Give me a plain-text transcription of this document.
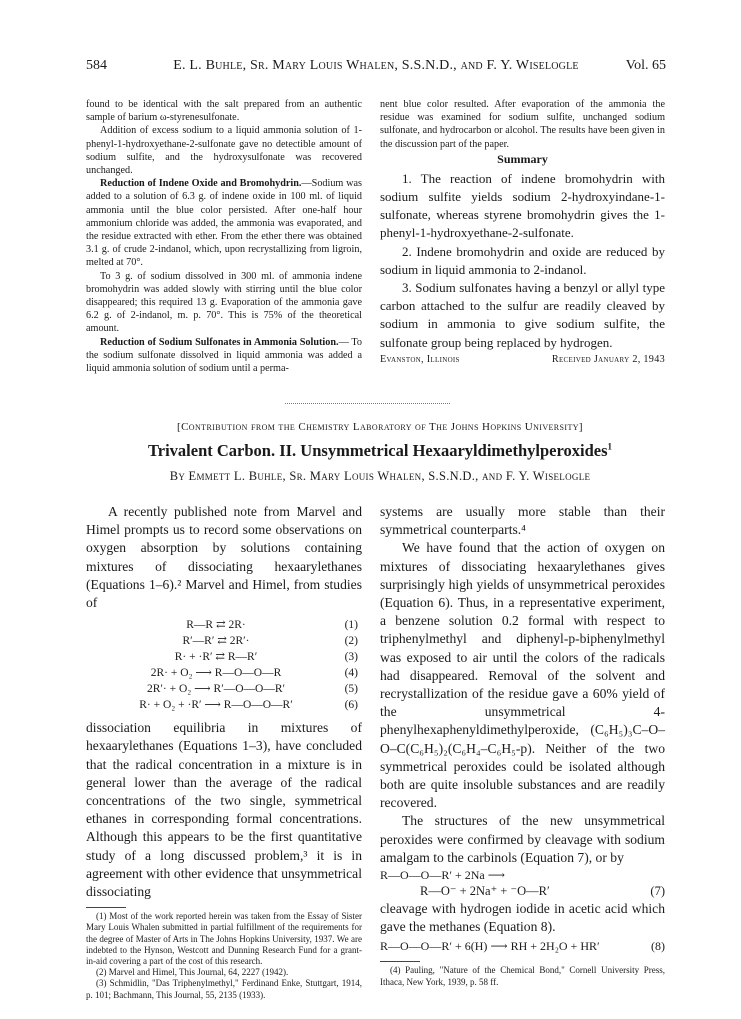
584	E. L. Buhle, Sr. Mary Louis Whalen, S.S.N.D., and F. Y. Wiselogle	Vol. 65

found to be identical with the salt prepared from an authentic sample of barium ω-styrenesulfonate.

Addition of excess sodium to a liquid ammonia solution of 1-phenyl-1-hydroxyethane-2-sulfonate gave no detectible amount of sodium sulfite, and the hydroxysulfonate was recovered unchanged.

Reduction of Indene Oxide and Bromohydrin.—Sodium was added to a solution of 6.3 g. of indene oxide in 100 ml. of liquid ammonia until the blue color persisted. After one-half hour ammonium chloride was added, the ammonia was evaporated, and the residue extracted with ether. From the ether there was obtained 3.1 g. of crude 2-indanol, which, upon recrystallizing from ligroin, melted at 70°.

To 3 g. of sodium dissolved in 300 ml. of ammonia indene bromohydrin was added slowly with stirring until the blue color disappeared; this required 13 g. Evaporation of the ammonia gave 6.2 g. of 2-indanol, m. p. 70°. This is 75% of the theoretical amount.

Reduction of Sodium Sulfonates in Ammonia Solution.— To the sodium sulfonate dissolved in liquid ammonia was added a liquid ammonia solution of sodium until a perma-

nent blue color resulted. After evaporation of the ammonia the residue was examined for sodium sulfite, unchanged sodium sulfonate, and hydrocarbon or alcohol. The results have been given in the discussion part of the paper.
Summary

1. The reaction of indene bromohydrin with sodium sulfite yields sodium 2-hydroxyindane-1-sulfonate, whereas styrene bromohydrin gives the 1-phenyl-1-hydroxyethane-2-sulfonate.

2. Indene bromohydrin and oxide are reduced by sodium in liquid ammonia to 2-indanol.

3. Sodium sulfonates having a benzyl or allyl type carbon attached to the sulfur are readily cleaved by sodium in ammonia to give sodium sulfite, the sulfonate group being replaced by hydrogen.

Evanston, Illinois	Received January 2, 1943
[Contribution from the Chemistry Laboratory of The Johns Hopkins University]
Trivalent Carbon. II. Unsymmetrical Hexaaryldimethylperoxides$^1$
By Emmett L. Buhle, Sr. Mary Louis Whalen, S.S.N.D., and F. Y. Wiselogle

A recently published note from Marvel and Himel prompts us to record some observations on oxygen absorption by solutions containing mixtures of dissociating hexaarylethanes (Equations 1–6).² Marvel and Himel, from studies of

R—R ⇄ 2R·	(1)
R′—R′ ⇄ 2R′·	(2)
R· + ·R′ ⇄ R—R′	(3)
2R· + O₂ ⟶ R—O—O—R	(4)
2R′· + O₂ ⟶ R′—O—O—R′	(5)
R· + O₂ + ·R′ ⟶ R—O—O—R′	(6)

dissociation equilibria in mixtures of hexaarylethanes (Equations 1–3), have concluded that the radical concentration in a mixture is in general lower than the average of the radical concentrations of the two single, symmetrical ethanes in corresponding formal concentrations. Although this appears to be the first quantitative study of a long discussed problem,³ it is in agreement with other evidence that unsymmetrical dissociating

(1) Most of the work reported herein was taken from the Essay of Sister Mary Louis Whalen submitted in partial fulfillment of the requirements for the degree of Master of Arts in The Johns Hopkins University, 1937. We are indebted to the Hynson, Westcott and Dunning Research Fund for a grant-in-aid covering a part of the cost of this research.

(2) Marvel and Himel, This Journal, 64, 2227 (1942).

(3) Schmidlin, "Das Triphenylmethyl," Ferdinand Enke, Stuttgart, 1914, p. 101; Bachmann, This Journal, 55, 2135 (1933).

systems are usually more stable than their symmetrical counterparts.⁴

We have found that the action of oxygen on mixtures of dissociating hexaarylethanes gives surprisingly high yields of unsymmetrical peroxides (Equation 6). Thus, in a representative experiment, a benzene solution 0.2 formal with respect to triphenylmethyl and diphenyl-p-biphenylmethyl was exposed to air until the colors of the radicals had disappeared. Removal of the solvent and recrystallization of the residue gave a 60% yield of the unsymmetrical 4-phenylhexaphenyldimethylperoxide, (C₆H₅)₃C–O–O–C(C₆H₅)₂(C₆H₄–C₆H₅-p). Neither of the two symmetrical peroxides could be isolated although both are quite insoluble substances and are readily recovered.

The structures of the new unsymmetrical peroxides were confirmed by cleavage with sodium amalgam to the carbinols (Equation 7), or by

R—O—O—R′ + 2Na ⟶
R—O⁻ + 2Na⁺ + ⁻O—R′	(7)

cleavage with hydrogen iodide in acetic acid which gave the methanes (Equation 8).

R—O—O—R′ + 6(H) ⟶ RH + 2H₂O + HR′	(8)

(4) Pauling, "Nature of the Chemical Bond," Cornell University Press, Ithaca, New York, 1939, p. 58 ff.
